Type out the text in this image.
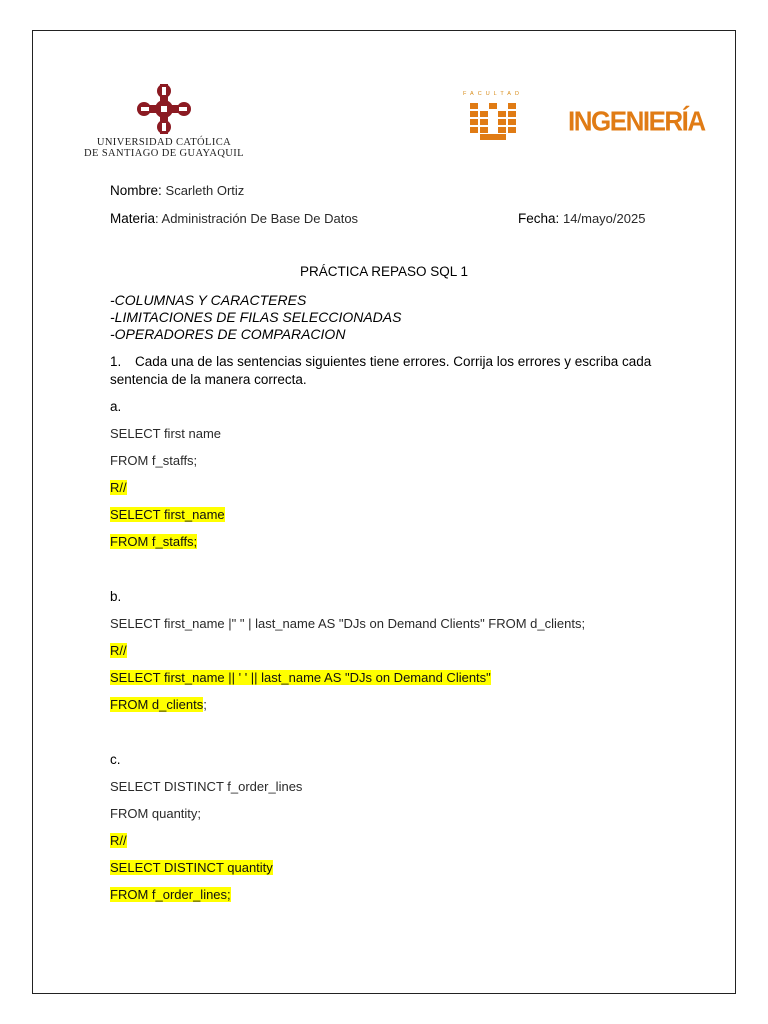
UNIVERSIDAD CATÓLICA
DE SANTIAGO DE GUAYAQUIL
FACULTAD
INGENIERÍA
Nombre: Scarleth Ortiz
Materia: Administración De Base De Datos	Fecha: 14/mayo/2025
PRÁCTICA REPASO SQL 1
-COLUMNAS Y CARACTERES
-LIMITACIONES DE FILAS SELECCIONADAS
-OPERADORES DE COMPARACION
1. Cada una de las sentencias siguientes tiene errores. Corrija los errores y escriba cada
sentencia de la manera correcta.
a.
SELECT first name
FROM f_staffs;
R//
SELECT first_name
FROM f_staffs;
b.
SELECT first_name |" " | last_name AS "DJs on Demand Clients" FROM d_clients;
R//
SELECT first_name || ' ' || last_name AS "DJs on Demand Clients"
FROM d_clients;
c.
SELECT DISTINCT f_order_lines
FROM quantity;
R//
SELECT DISTINCT quantity
FROM f_order_lines;
